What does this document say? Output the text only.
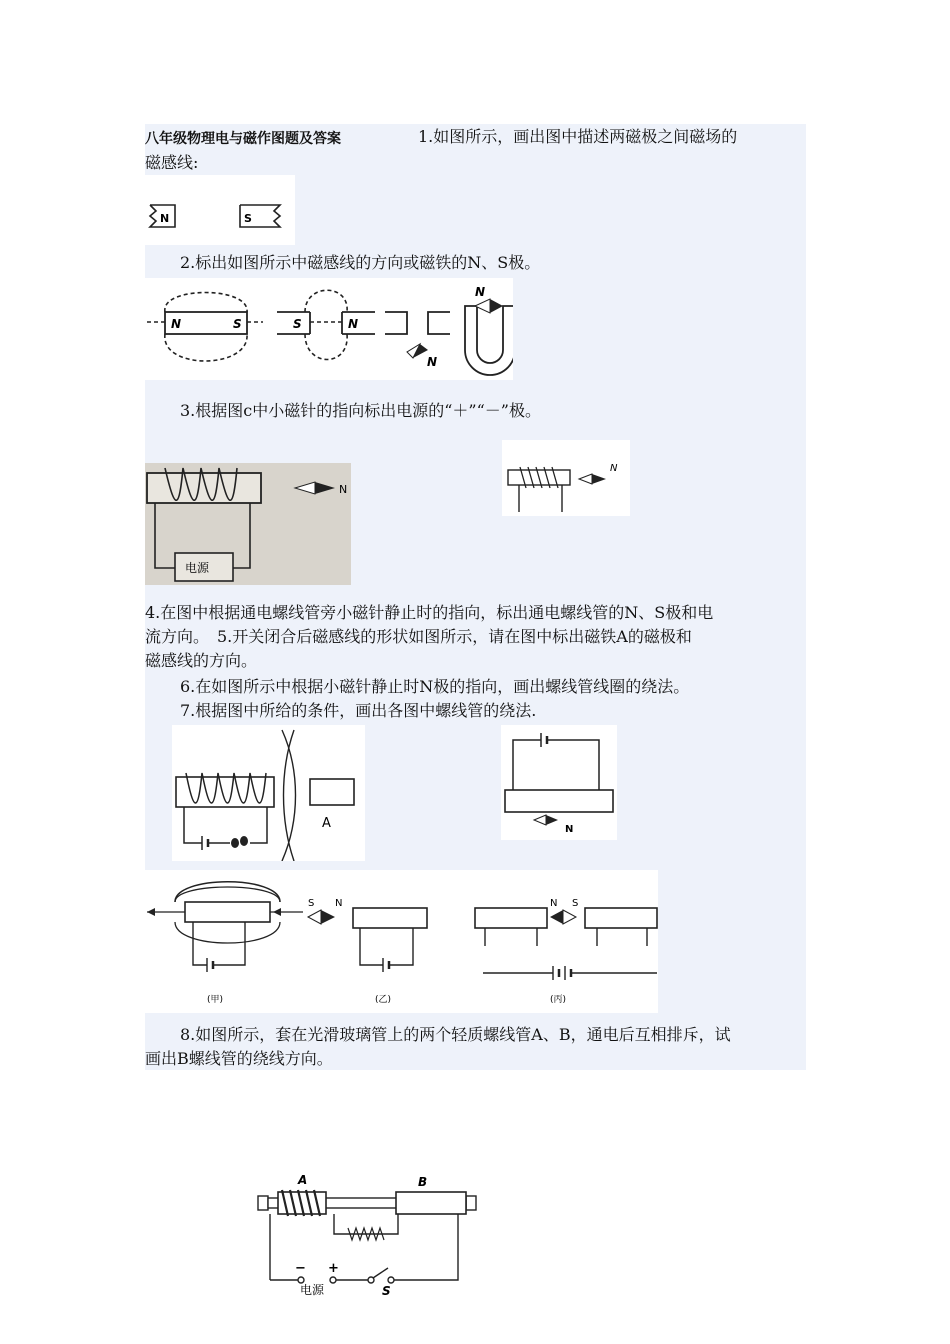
八年级物理电与磁作图题及答案	1.如图所示，画出图中描述两磁极之间磁场的
磁感线:
N	S
2.标出如图所示中磁感线的方向或磁铁的N、S极。
N	S	S	N
N
N
3.根据图c中小磁针的指向标出电源的“＋”“－”极。
电源
N
N
4.在图中根据通电螺线管旁小磁针静止时的指向，标出通电螺线管的N、S极和电
流方向。　5.开关闭合后磁感线的形状如图所示，请在图中标出磁铁A的磁极和
磁感线的方向。
6.在如图所示中根据小磁针静止时N极的指向，画出螺线管线圈的绕法。
7.根据图中所给的条件，画出各图中螺线管的绕法.
A	N
(甲)
S N
(乙)
N S
(丙)
8.如图所示，套在光滑玻璃管上的两个轻质螺线管A、B，通电后互相排斥，试
画出B螺线管的绕线方向。
A	B
− +
电源	S
